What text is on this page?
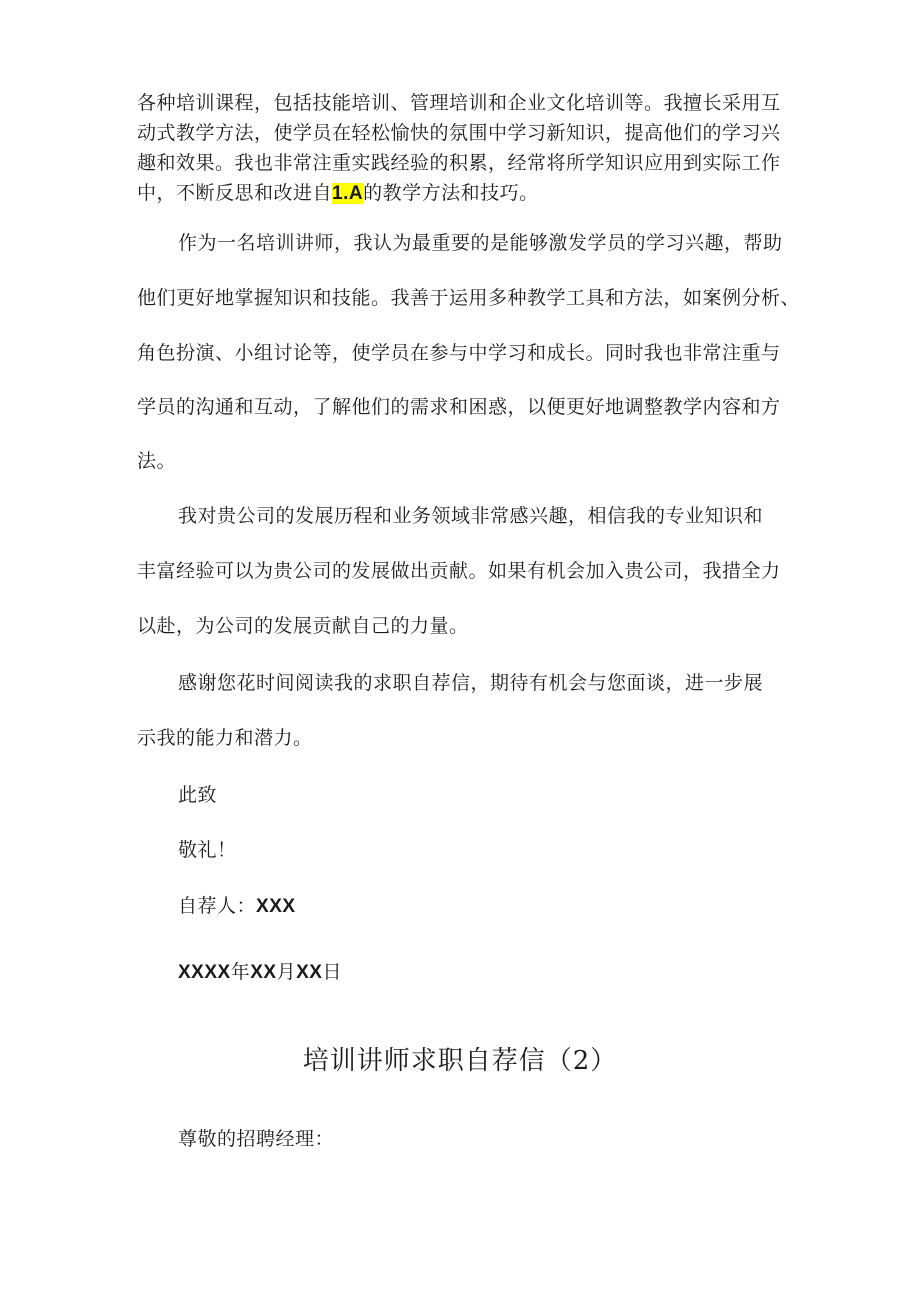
各种培训课程，包括技能培训、管理培训和企业文化培训等。我擅长采用互
动式教学方法，使学员在轻松愉快的氛围中学习新知识，提高他们的学习兴
趣和效果。我也非常注重实践经验的积累，经常将所学知识应用到实际工作
中，不断反思和改进自1.A的教学方法和技巧。
作为一名培训讲师，我认为最重要的是能够激发学员的学习兴趣，帮助
他们更好地掌握知识和技能。我善于运用多种教学工具和方法，如案例分析、
角色扮演、小组讨论等，使学员在参与中学习和成长。同时我也非常注重与
学员的沟通和互动，了解他们的需求和困惑，以便更好地调整教学内容和方
法。
我对贵公司的发展历程和业务领域非常感兴趣，相信我的专业知识和
丰富经验可以为贵公司的发展做出贡献。如果有机会加入贵公司，我措全力
以赴，为公司的发展贡献自己的力量。
感谢您花时间阅读我的求职自荐信，期待有机会与您面谈，进一步展
示我的能力和潜力。
此致
敬礼！
自荐人：XXX
XXXX年XX月XX日
培训讲师求职自荐信（2）
尊敬的招聘经理：
